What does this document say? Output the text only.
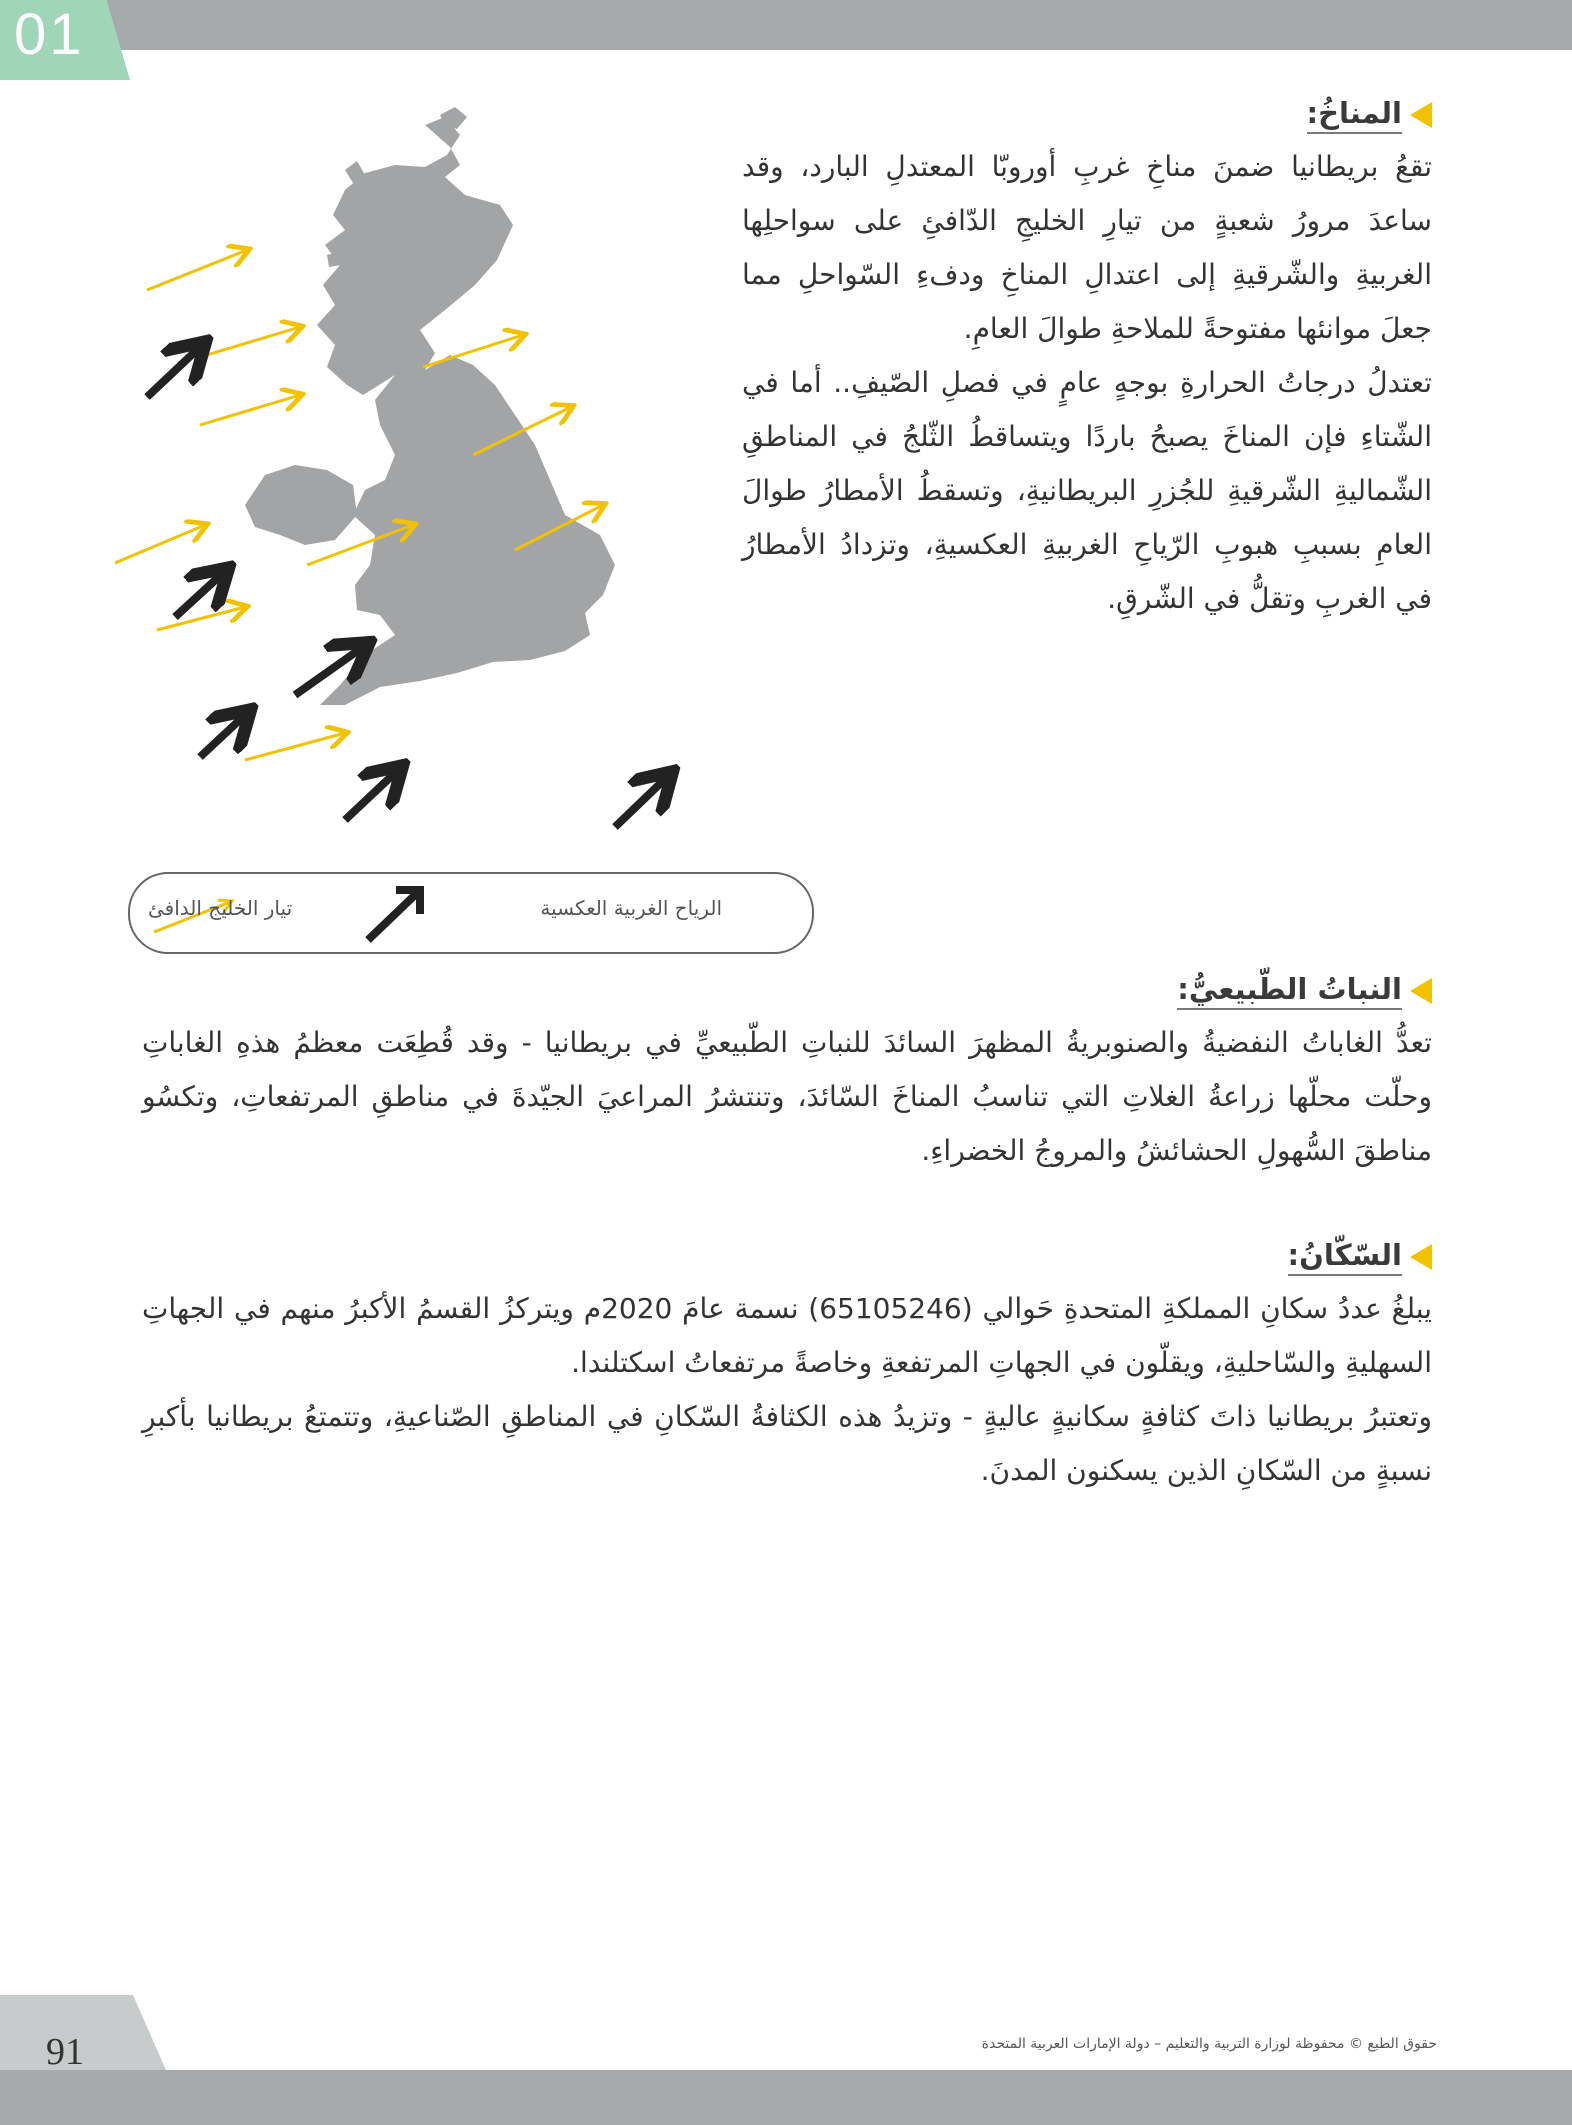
01
الرياح الغربية العكسية
تيار الخليج الدافئ
المناخُ:

تقعُ بريطانيا ضمنَ مناخِ غربِ أوروبّا المعتدلِ البارد، وقد ساعدَ مرورُ شعبةٍ من تيارِ الخليجِ الدّافئِ على سواحلِها الغربيةِ والشّرقيةِ إلى اعتدالِ المناخِ ودفءِ السّواحلِ مما جعلَ موانئها مفتوحةً للملاحةِ طوالَ العامِ.

تعتدلُ درجاتُ الحرارةِ بوجهٍ عامٍ في فصلِ الصّيفِ.. أما في الشّتاءِ فإن المناخَ يصبحُ باردًا ويتساقطُ الثّلجُ في المناطقِ الشّماليةِ الشّرقيةِ للجُزرِ البريطانيةِ، وتسقطُ الأمطارُ طوالَ العامِ بسببِ هبوبِ الرّياحِ الغربيةِ العكسيةِ، وتزدادُ الأمطارُ في الغربِ وتقلُّ في الشّرقِ.

النباتُ الطّبيعيُّ:

تعدُّ الغاباتُ النفضيةُ والصنوبريةُ المظهرَ السائدَ للنباتِ الطّبيعيِّ في بريطانيا - وقد قُطِعَت معظمُ هذهِ الغاباتِ وحلّت محلّها زراعةُ الغلاتِ التي تناسبُ المناخَ السّائدَ، وتنتشرُ المراعيَ الجيّدةَ في مناطقِ المرتفعاتِ، وتكسُو مناطقَ السُّهولِ الحشائشُ والمروجُ الخضراءِ.

السّكّانُ:

يبلغُ عددُ سكانِ المملكةِ المتحدةِ حَوالي (65105246) نسمة عامَ 2020م ويتركزُ القسمُ الأكبرُ منهم في الجهاتِ السهليةِ والسّاحليةِ، ويقلّون في الجهاتِ المرتفعةِ وخاصةً مرتفعاتُ اسكتلندا.

وتعتبرُ بريطانيا ذاتَ كثافةٍ سكانيةٍ عاليةٍ - وتزيدُ هذه الكثافةُ السّكانِ في المناطقِ الصّناعيةِ، وتتمتعُ بريطانيا بأكبرِ نسبةٍ من السّكانِ الذين يسكنون المدنَ.

91	حقوق الطبع © محفوظة لوزارة التربية والتعليم – دولة الإمارات العربية المتحدة
